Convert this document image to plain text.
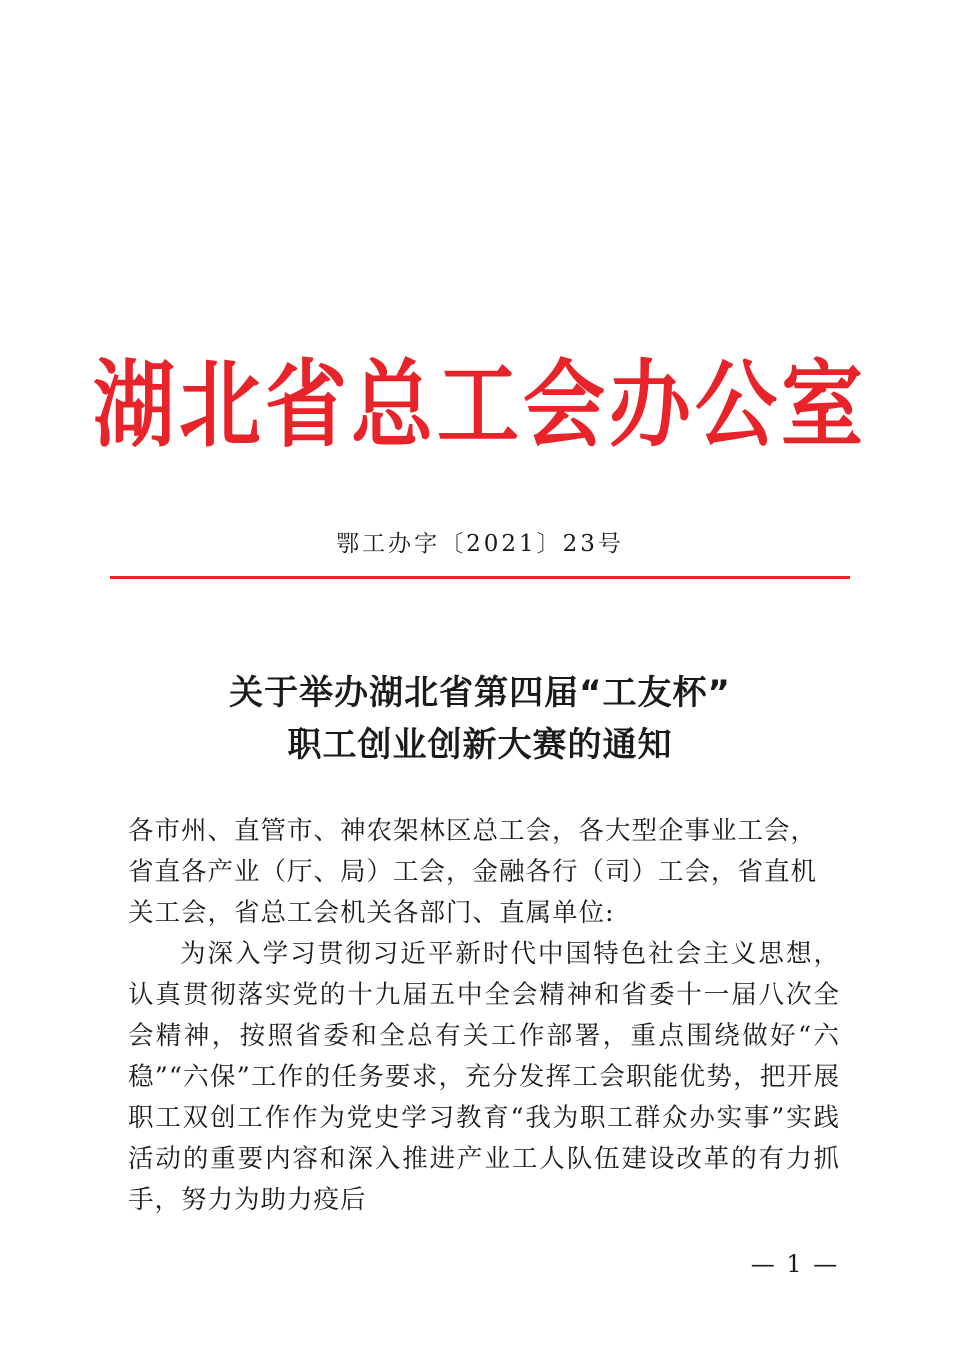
湖北省总工会办公室
鄂工办字〔2021〕23号
关于举办湖北省第四届“工友杯”
职工创业创新大赛的通知
各市州、直管市、神农架林区总工会，各大型企事业工会，省直各产业（厅、局）工会，金融各行（司）工会，省直机关工会，省总工会机关各部门、直属单位:
为深入学习贯彻习近平新时代中国特色社会主义思想，认真贯彻落实党的十九届五中全会精神和省委十一届八次全会精神，按照省委和全总有关工作部署，重点围绕做好“六稳”“六保”工作的任务要求，充分发挥工会职能优势，把开展职工双创工作作为党史学习教育“我为职工群众办实事”实践活动的重要内容和深入推进产业工人队伍建设改革的有力抓手，努力为助力疫后
— 1 —
